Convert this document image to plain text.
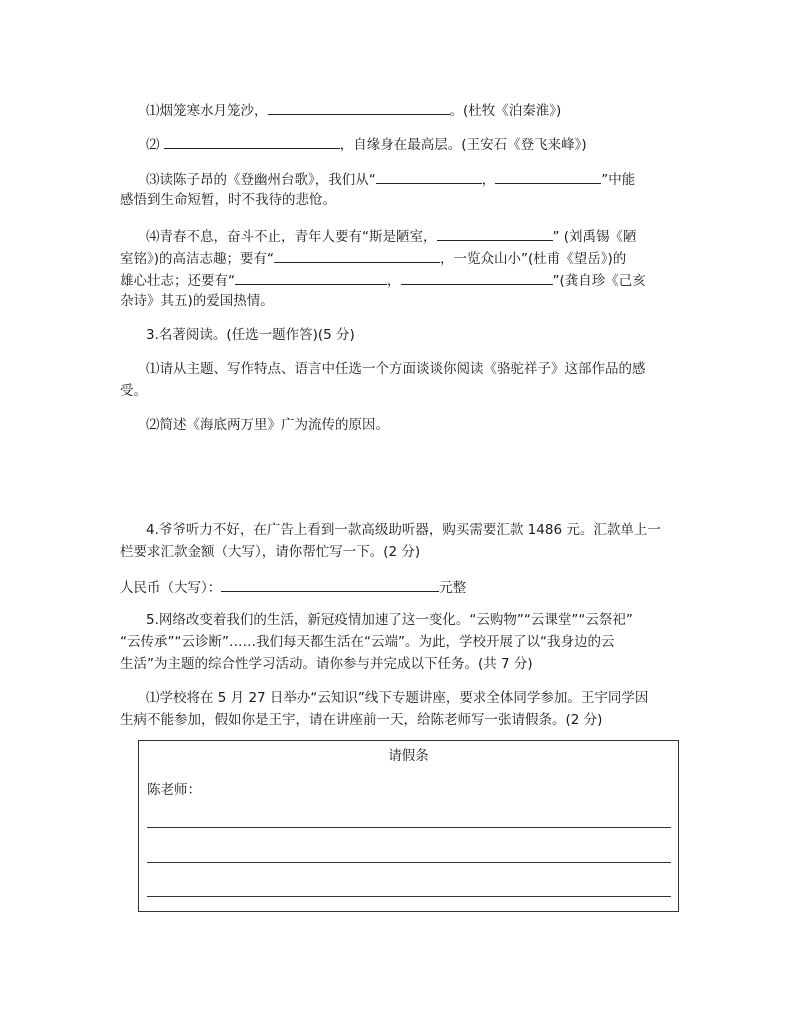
⑴烟笼寒水月笼沙，	。(杜牧《泊秦淮》)
⑵	，自缘身在最高层。(王安石《登飞来峰》)
⑶读陈子昂的《登幽州台歌》，我们从“	，	”中能
感悟到生命短暂，时不我待的悲怆。
⑷青春不息，奋斗不止，青年人要有“斯是陋室，	” (刘禹锡《陋
室铭》)的高洁志趣；要有“	，一览众山小”(杜甫《望岳》)的
雄心壮志；还要有“	，	”(龚自珍《己亥
杂诗》其五)的爱国热情。
3.名著阅读。(任选一题作答)(5 分)
⑴请从主题、写作特点、语言中任选一个方面谈谈你阅读《骆驼祥子》这部作品的感
受。
⑵简述《海底两万里》广为流传的原因。
4.爷爷听力不好，在广告上看到一款高级助听器，购买需要汇款 1486 元。汇款单上一
栏要求汇款金额（大写），请你帮忙写一下。(2 分)
人民币（大写）：	元整
5.网络改变着我们的生活，新冠疫情加速了这一变化。“云购物”“云课堂”“云祭祀”
“云传承”“云诊断”……我们每天都生活在“云端”。为此，学校开展了以“我身边的云
生活”为主题的综合性学习活动。请你参与并完成以下任务。(共 7 分)
⑴学校将在 5 月 27 日举办“云知识”线下专题讲座，要求全体同学参加。王宇同学因
生病不能参加，假如你是王宇，请在讲座前一天，给陈老师写一张请假条。(2 分)
请假条
陈老师：
